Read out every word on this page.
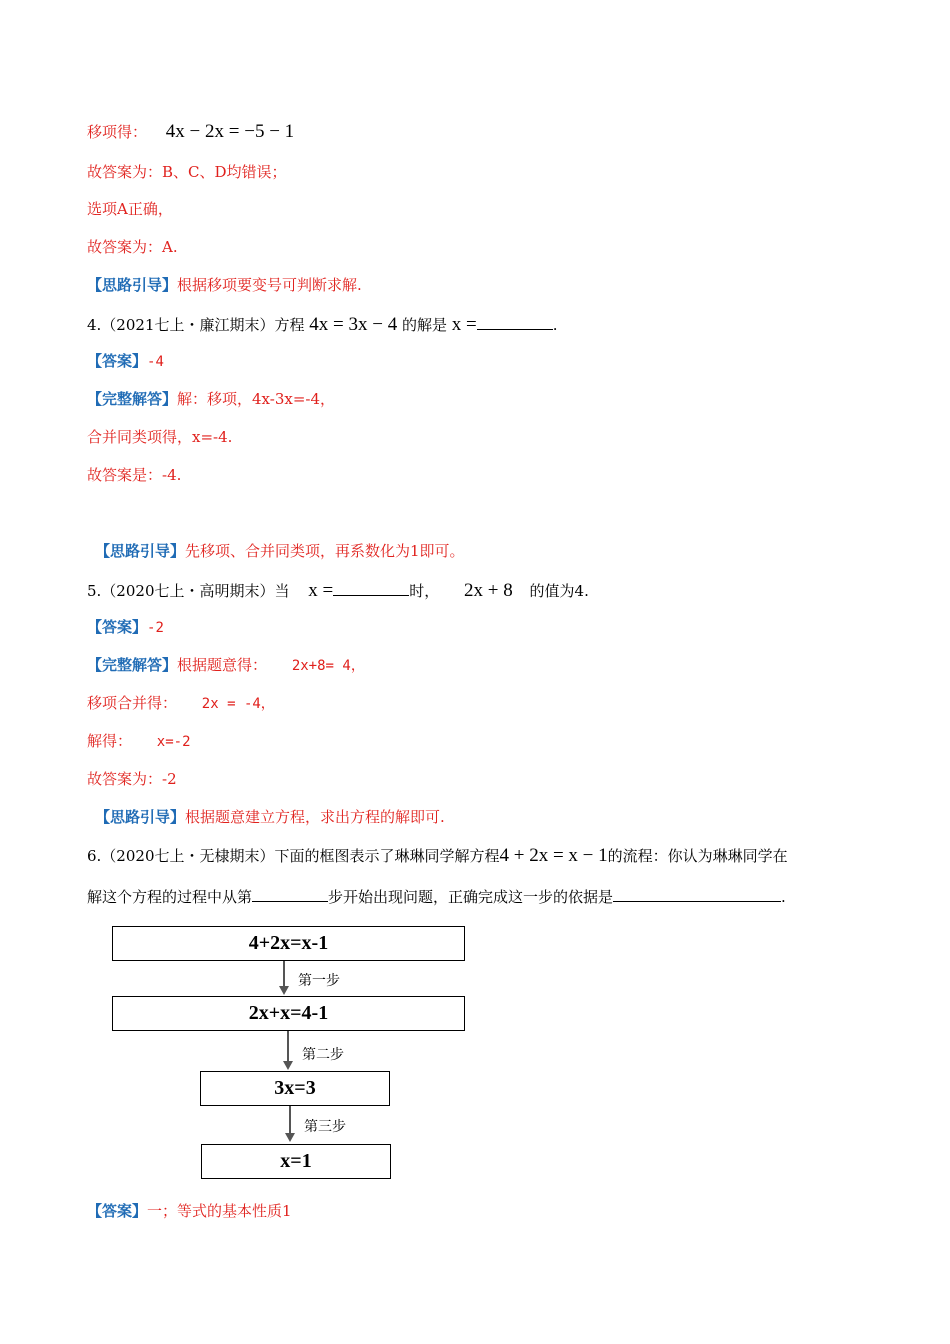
移项得： 4x − 2x = −5 − 1
故答案为：B、C、D均错误；
选项A正确，
故答案为：A.
【思路引导】根据移项要变号可判断求解.
4.（2021七上・廉江期末）方程 4x = 3x − 4 的解是 x =	.
【答案】-4
【完整解答】解：移项，4x-3x=-4，
合并同类项得，x=-4.
故答案是：-4.
【思路引导】先移项、合并同类项，再系数化为1即可。
5.（2020七上・高明期末）当 x =	时， 2x + 8 的值为4.
【答案】-2
【完整解答】根据题意得： 2x+8= 4，
移项合并得： 2x = -4，
解得： x=-2
故答案为：-2
【思路引导】根据题意建立方程，求出方程的解即可.
6.（2020七上・无棣期末）下面的框图表示了琳琳同学解方程4 + 2x = x − 1的流程：你认为琳琳同学在
解这个方程的过程中从第	步开始出现问题，正确完成这一步的依据是	.
4+2x=x-1
第一步
2x+x=4-1
第二步
3x=3
第三步
x=1
【答案】一；等式的基本性质1
